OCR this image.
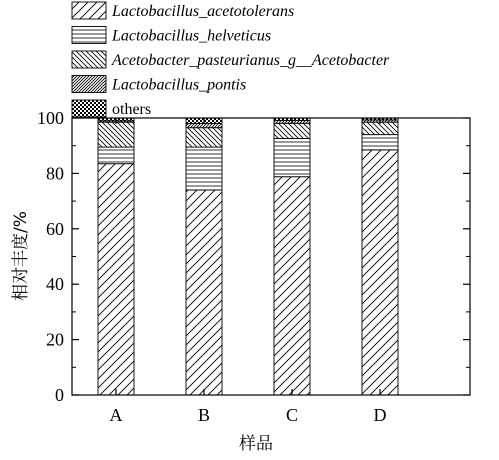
Lactobacillus_acetotolerans
Lactobacillus_helveticus
Acetobacter_pasteurianus_g__Acetobacter
Lactobacillus_pontis
others
0
20
40
60
80
100
A	B	C	D
相对丰度/%
样品
